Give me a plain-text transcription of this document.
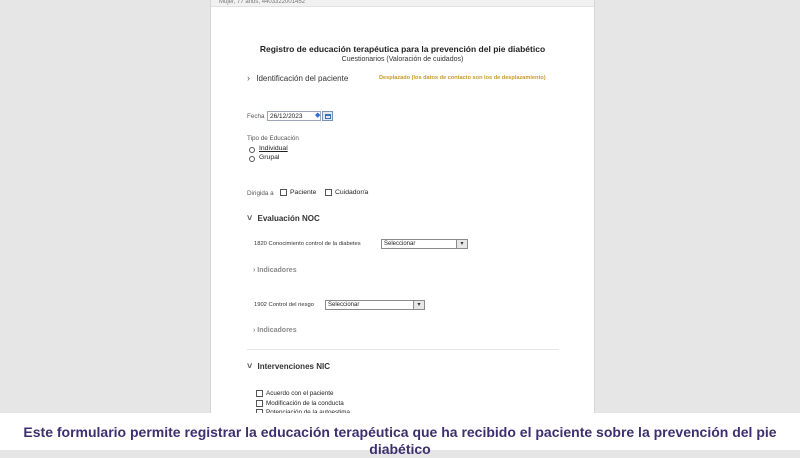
Mujer, 77 años, 4403322001452
Registro de educación terapéutica para la prevención del pie diabético
Cuestionarios (Valoración de cuidados)
› Identificación del paciente	Desplazado (los datos de contacto son los de desplazamiento)
Fecha 26/12/2023	◆
Tipo de Educación
Individual
Grupal
Dirigida a Paciente	Cuidador/a
˅ Evaluación NOC
1820 Conocimiento control de la diabetes	Seleccionar	▾
› Indicadores
1902 Control del riesgo	Seleccionar	▾
› Indicadores
˅ Intervenciones NIC
Acuerdo con el paciente
Modificación de la conducta
Este formulario permite registrar la educación terapéutica que ha recibido el paciente sobre la prevención del pie diabético
